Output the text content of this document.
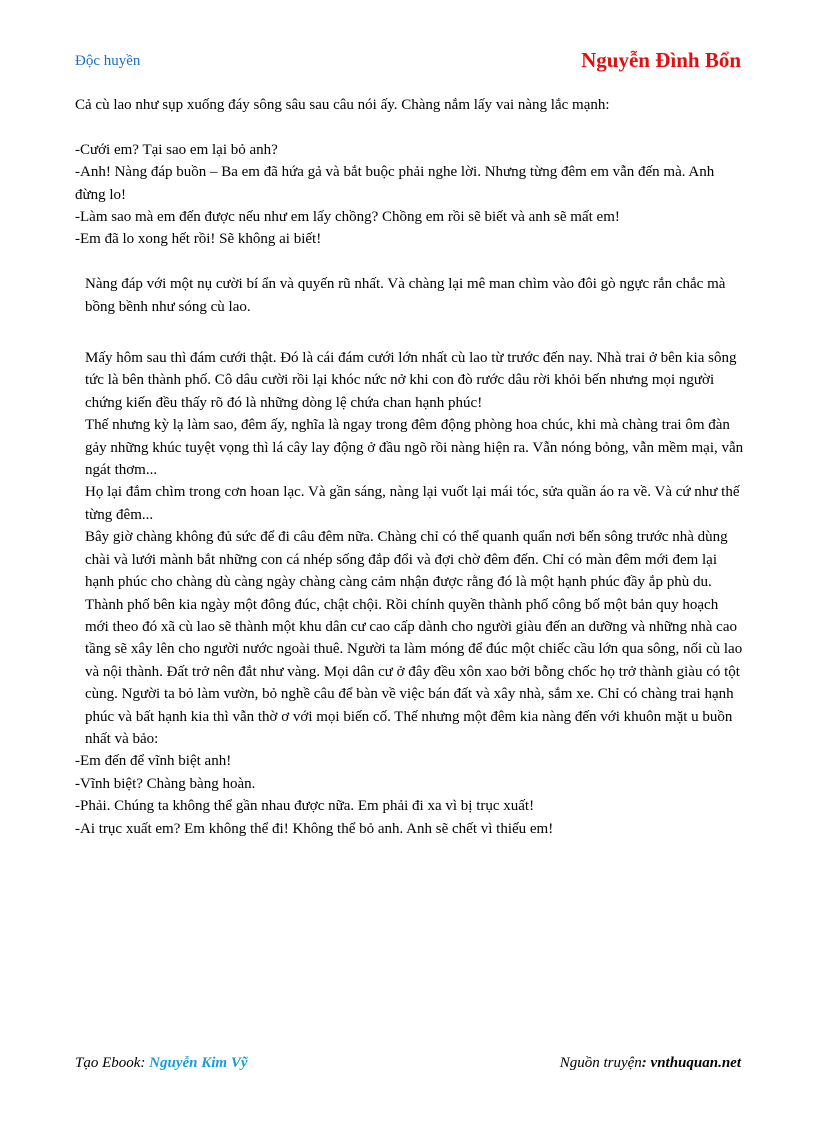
Độc huyền	Nguyễn Đình Bổn

Cả cù lao như sụp xuống đáy sông sâu sau câu nói ấy. Chàng nắm lấy vai nàng lắc mạnh:

-Cưới em? Tại sao em lại bỏ anh?

-Anh! Nàng đáp buồn – Ba em đã hứa gả và bắt buộc phải nghe lời. Nhưng từng đêm em vẫn đến mà. Anh đừng lo!

-Làm sao mà em đến được nếu như em lấy chồng? Chồng em rồi sẽ biết và anh sẽ mất em!

-Em đã lo xong hết rồi! Sẽ không ai biết!

Nàng đáp với một nụ cười bí ẩn và quyến rũ nhất. Và chàng lại mê man chìm vào đôi gò ngực rắn chắc mà bồng bềnh như sóng cù lao.

Mấy hôm sau thì đám cưới thật. Đó là cái đám cưới lớn nhất cù lao từ trước đến nay. Nhà trai ở bên kia sông tức là bên thành phố. Cô dâu cười rồi lại khóc nức nở khi con đò rước dâu rời khỏi bến nhưng mọi người chứng kiến đều thấy rõ đó là những dòng lệ chứa chan hạnh phúc!

Thế nhưng kỳ lạ làm sao, đêm ấy, nghĩa là ngay trong đêm động phòng hoa chúc, khi mà chàng trai ôm đàn gảy những khúc tuyệt vọng thì lá cây lay động ở đầu ngõ rồi nàng hiện ra. Vẫn nóng bỏng, vẫn mềm mại, vẫn ngát thơm...

Họ lại đắm chìm trong cơn hoan lạc. Và gần sáng, nàng lại vuốt lại mái tóc, sửa quần áo ra về. Và cứ như thế từng đêm...

Bây giờ chàng không đủ sức để đi câu đêm nữa. Chàng chỉ có thể quanh quẩn nơi bến sông trước nhà dùng chài và lưới mành bắt những con cá nhép sống đắp đổi và đợi chờ đêm đến. Chỉ có màn đêm mới đem lại hạnh phúc cho chàng dù càng ngày chàng càng cảm nhận được rằng đó là một hạnh phúc đầy ắp phù du.

Thành phố bên kia ngày một đông đúc, chật chội. Rồi chính quyền thành phố công bố một bản quy hoạch mới theo đó xã cù lao sẽ thành một khu dân cư cao cấp dành cho người giàu đến an dưỡng và những nhà cao tầng sẽ xây lên cho người nước ngoài thuê. Người ta làm móng để đúc một chiếc cầu lớn qua sông, nối cù lao và nội thành. Đất trở nên đắt như vàng. Mọi dân cư ở đây đều xôn xao bởi bỗng chốc họ trở thành giàu có tột cùng. Người ta bỏ làm vườn, bỏ nghề câu để bàn về việc bán đất và xây nhà, sắm xe. Chỉ có chàng trai hạnh phúc và bất hạnh kia thì vẫn thờ ơ với mọi biến cố. Thế nhưng một đêm kia nàng đến với khuôn mặt u buồn nhất và bảo:

-Em đến để vĩnh biệt anh!

-Vĩnh biệt? Chàng bàng hoàn.

-Phải. Chúng ta không thể gần nhau được nữa. Em phải đi xa vì bị trục xuất!

-Ai trục xuất em? Em không thể đi! Không thể bỏ anh. Anh sẽ chết vì thiếu em!

Tạo Ebook: Nguyễn Kim Vỹ	Nguồn truyện: vnthuquan.net
